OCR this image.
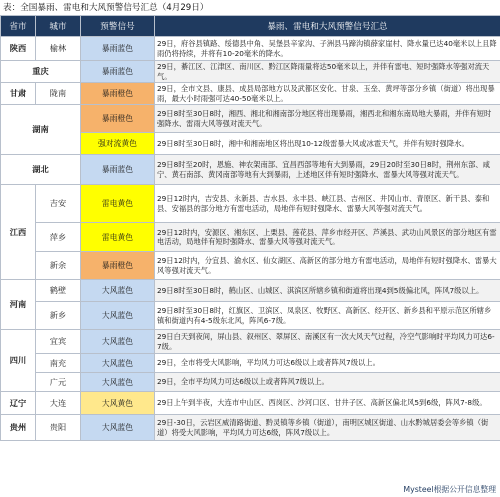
表：全国暴雨、雷电和大风预警信号汇总（4月29日）
省市	城市	预警信号	暴雨、雷电和大风预警信号汇总
陕西	榆林	暴雨蓝色	29日，府谷县镇路、绥德县中角、吴堡县辛家沟、子洲县马蹄沟镇薛家崖村、降水量已达40毫米以上且降雨仍将持续，并将有10-20毫米的降水。
重庆		暴雨蓝色	29日，綦江区、江津区、南川区、黔江区降雨量将达50毫米以上，并伴有雷电、短时强降水等强对流天气。
甘肃	陇南	暴雨橙色	29日，全市文县、康县、成县局部地方以及武都区安化、甘泉、玉垒、黄坪等部分乡镇（街道）将出现暴雨，最大小时雨强可达40-50毫米以上。
湖南		暴雨橙色	29日8时至30日8时，湘西、湘北和湘南部分地区将出现暴雨，湘西北和湘东南局地大暴雨，并伴有短时强降水、雷雨大风等强对流天气。
		强对流黄色	29日8时至30日8时，湘中和湘南地区将出现10-12级雷暴大风或冰雹天气，并伴有短时强降水。
湖北		暴雨蓝色	29日8时至20时，恩施、神农架南部、宜昌西部等地有大到暴雨，29日20时至30日8时，荆州东部、咸宁、黄石南部、黄冈南部等地有大到暴雨，上述地区伴有短时强降水、雷暴大风等强对流天气。
江西	吉安	雷电黄色	29日12时内，吉安县、永新县、吉水县、永丰县、峡江县、吉州区、井冈山市、青原区、新干县、泰和县、安福县的部分地方有雷电活动，局地伴有短时强降水、雷暴大风等强对流天气。
	萍乡	雷电黄色	29日12时内，安源区、湘东区、上栗县、莲花县、萍乡市经开区、芦溪县、武功山风景区的部分地区有雷电活动，局地伴有短时强降水、雷暴大风等强对流天气。
	新余	暴雨橙色	29日12时内，分宜县、渝水区、仙女湖区、高新区的部分地方有雷电活动，局地伴有短时强降水、雷暴大风等强对流天气。
河南	鹤壁	大风蓝色	29日8时至30日8时，鹤山区、山城区、淇滨区所辖乡镇和街道将出现4到5级偏北风，阵风7级以上。
	新乡	大风蓝色	29日8时至30日8时，红旗区、卫滨区、凤泉区、牧野区、高新区、经开区、新乡县和平原示范区所辖乡镇和街道内有4-5级东北风，阵风6-7级。
四川	宜宾	大风蓝色	29日白天到夜间，屏山县、叙州区、翠屏区、南溪区有一次大风天气过程，冷空气影响时平均风力可达6-7级。
	南充	大风蓝色	29日，全市将受大风影响，平均风力可达6级以上或者阵风7级以上。
	广元	大风蓝色	29日，全市平均风力可达6级以上或者阵风7级以上。
辽宁	大连	大风黄色	29日上午到半夜，大连市中山区、西岗区、沙河口区、甘井子区、高新区偏北风5到6级，阵风7-8级。
贵州	贵阳	大风蓝色	29日-30日，云岩区威清路街道、黔灵镇等乡镇（街道），南明区城区街道、山水黔城居委会等乡镇（街道）将受大风影响，平均风力可达6级，阵风7级以上。
Mysteel根据公开信息整理
